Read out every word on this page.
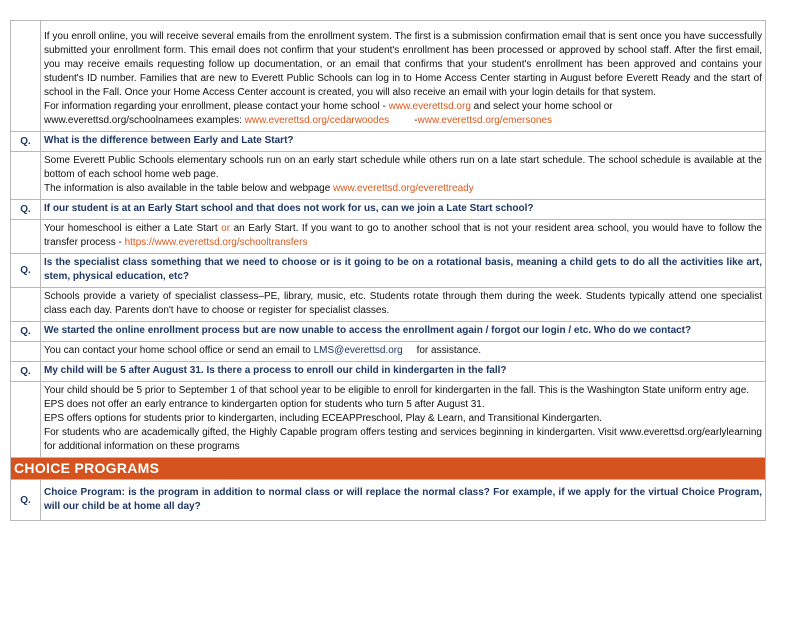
	If you enroll online, you will receive several emails from the enrollment system. The first is a submission confirmation email that is sent once you have successfully submitted your enrollment form. This email does not confirm that your student's enrollment has been processed or approved by school staff. After the first email, you may receive emails requesting follow up documentation, or an email that confirms that your student's enrollment has been approved and contains your student's ID number. Families that are new to Everett Public Schools can log in to Home Access Center starting in August before Everett Ready and the start of school in the Fall. Once your Home Access Center account is created, you will also receive an email with your login details for that system.

For information regarding your enrollment, please contact your home school - www.everettsd.org and select your home school or

www.everettsd.org/schoolnamees examples: www.everettsd.org/cedarwoodes         -www.everettsd.org/emersones

Q.	What is the difference between Early and Late Start?

	Some Everett Public Schools elementary schools run on an early start schedule while others run on a late start schedule. The school schedule is available at the bottom of each school home web page.

The information is also available in the table below and webpage www.everettsd.org/everettready

Q.	If our student is at an Early Start school and that does not work for us, can we join a Late Start school?
	Your homeschool is either a Late Start or an Early Start. If you want to go to another school that is not your resident area school, you would have to follow the transfer process - https://www.everettsd.org/schooltransfers
Q.	Is the specialist class something that we need to choose or is it going to be on a rotational basis, meaning a child gets to do all the activities like art, stem, physical education, etc?
	Schools provide a variety of specialist classess–PE, library, music, etc. Students rotate through them during the week. Students typically attend one specialist class each day. Parents don't have to choose or register for specialist classes.
Q.	We started the online enrollment process but are now unable to access the enrollment again / forgot our login / etc. Who do we contact?
	You can contact your home school office or send an email to LMS@everettsd.org     for assistance.
Q.	My child will be 5 after August 31. Is there a process to enroll our child in kindergarten in the fall?

	Your child should be 5 prior to September 1 of that school year to be eligible to enroll for kindergarten in the fall. This is the Washington State uniform entry age.

EPS does not offer an early entrance to kindergarten option for students who turn 5 after August 31.

EPS offers options for students prior to kindergarten, including ECEAPPreschool, Play & Learn, and Transitional Kindergarten.

For students who are academically gifted, the Highly Capable program offers testing and services beginning in kindergarten. Visit www.everettsd.org/earlylearning for additional information on these programs

CHOICE PROGRAMS	
Q.	Choice Program: is the program in addition to normal class or will replace the normal class? For example, if we apply for the virtual Choice Program, will our child be at home all day?
